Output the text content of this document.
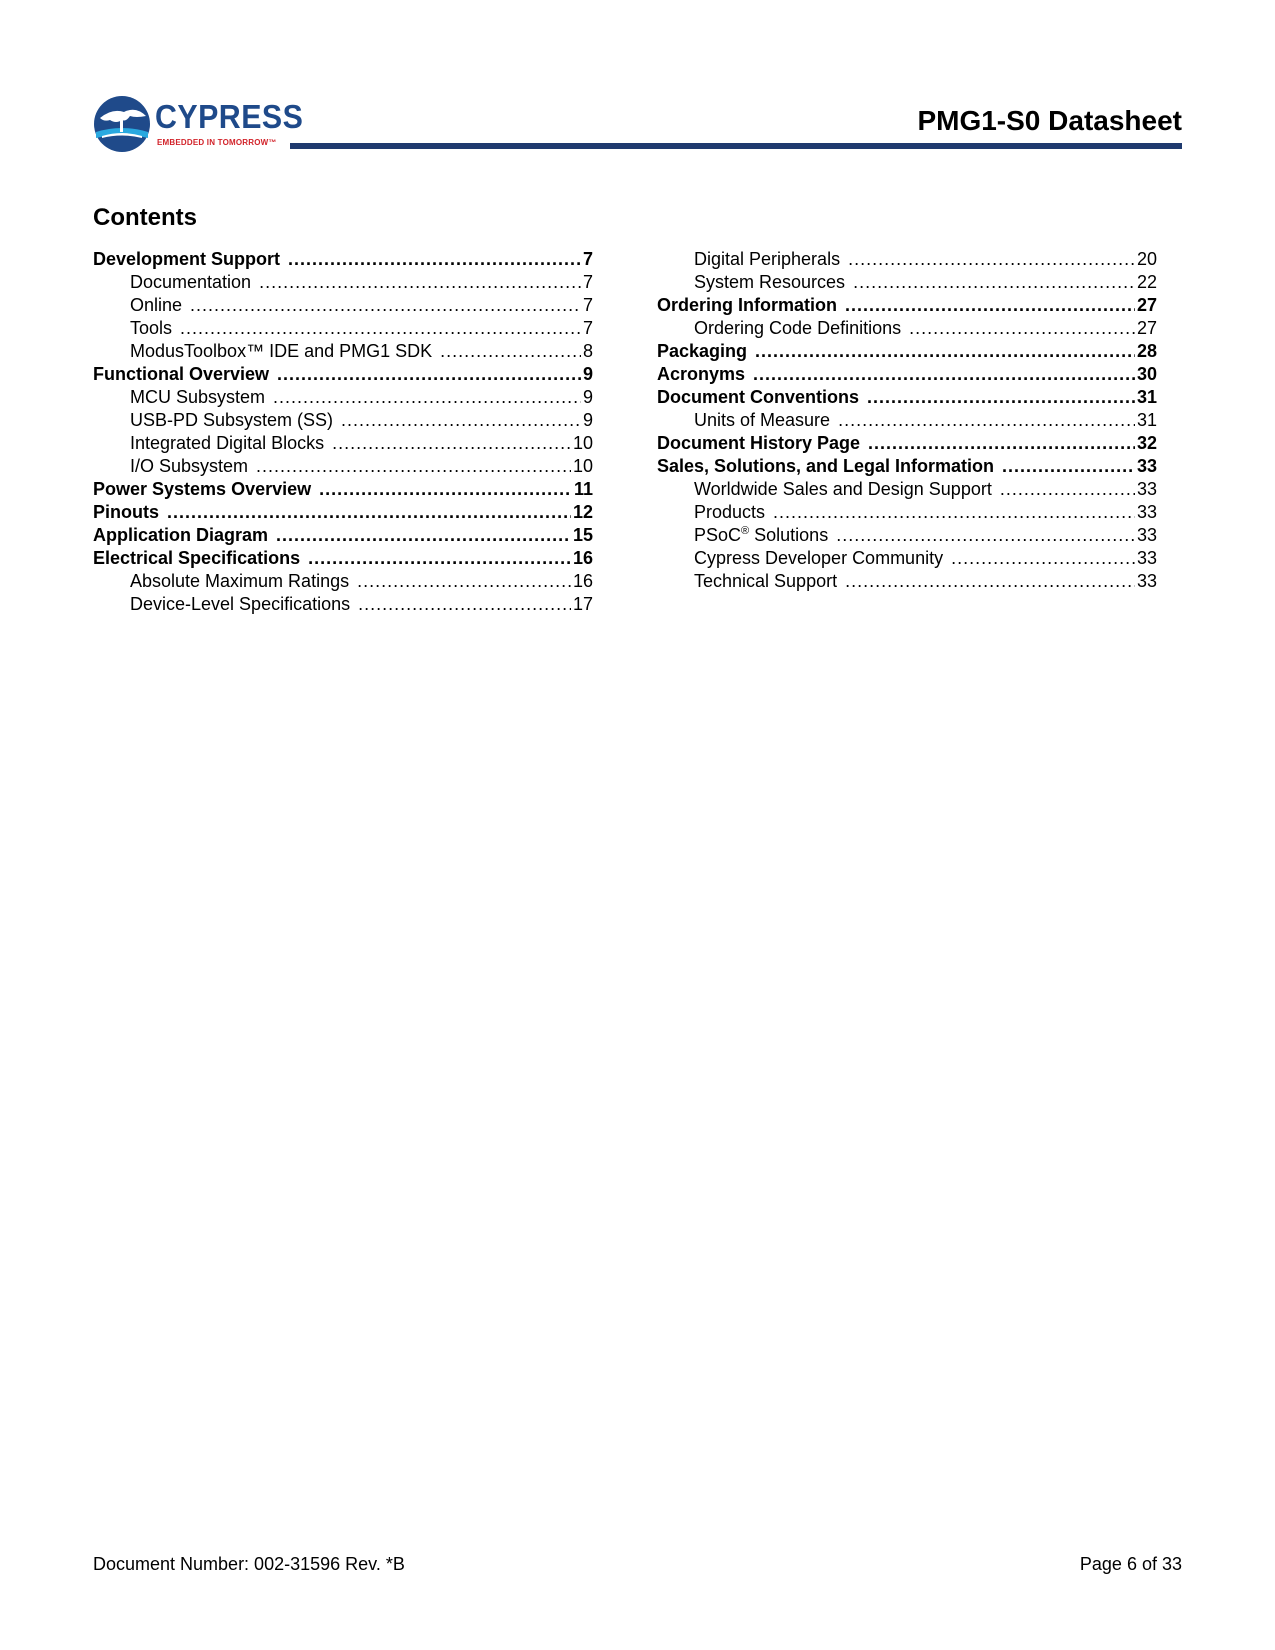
CYPRESS
EMBEDDED IN TOMORROW™
PMG1-S0 Datasheet
Contents
Development Support .....	7
Documentation .....	7
Online .....	7
Tools .....	7
ModusToolbox™ IDE and PMG1 SDK .....	8
Functional Overview .....	9
MCU Subsystem .....	9
USB-PD Subsystem (SS) .....	9
Integrated Digital Blocks .....	10
I/O Subsystem .....	10
Power Systems Overview .....	11
Pinouts .....	12
Application Diagram .....	15
Electrical Specifications .....	16
Absolute Maximum Ratings .....	16
Device-Level Specifications .....	17
Digital Peripherals .....	20
System Resources .....	22
Ordering Information .....	27
Ordering Code Definitions .....	27
Packaging .....	28
Acronyms .....	30
Document Conventions .....	31
Units of Measure .....	31
Document History Page .....	32
Sales, Solutions, and Legal Information .....	33
Worldwide Sales and Design Support .....	33
Products .....	33
PSoC® Solutions .....	33
Cypress Developer Community .....	33
Technical Support .....	33
Document Number: 002-31596 Rev. *B	Page 6 of 33
